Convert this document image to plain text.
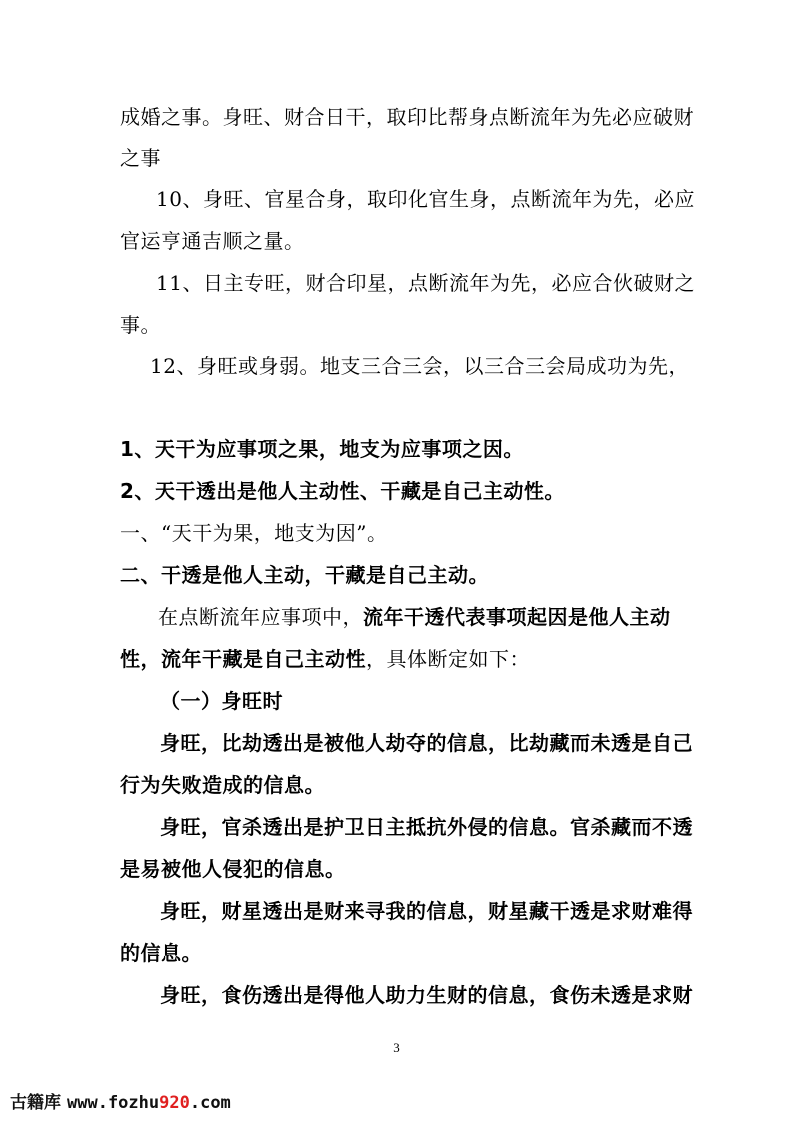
成婚之事。身旺、财合日干，取印比帮身点断流年为先必应破财
之事
10、身旺、官星合身，取印化官生身，点断流年为先，必应
官运亨通吉顺之量。
11、日主专旺，财合印星，点断流年为先，必应合伙破财之
事。
12、身旺或身弱。地支三合三会，以三合三会局成功为先，
1、天干为应事项之果，地支为应事项之因。
2、天干透出是他人主动性、干藏是自己主动性。
一、“天干为果，地支为因”。
二、干透是他人主动，干藏是自己主动。
在点断流年应事项中，流年干透代表事项起因是他人主动
性，流年干藏是自己主动性，具体断定如下：
（一）身旺时
身旺，比劫透出是被他人劫夺的信息，比劫藏而未透是自己
行为失败造成的信息。
身旺，官杀透出是护卫日主抵抗外侵的信息。官杀藏而不透
是易被他人侵犯的信息。
身旺，财星透出是财来寻我的信息，财星藏干透是求财难得
的信息。
身旺，食伤透出是得他人助力生财的信息，食伤未透是求财
3
古籍库 www.fozhu920.com
